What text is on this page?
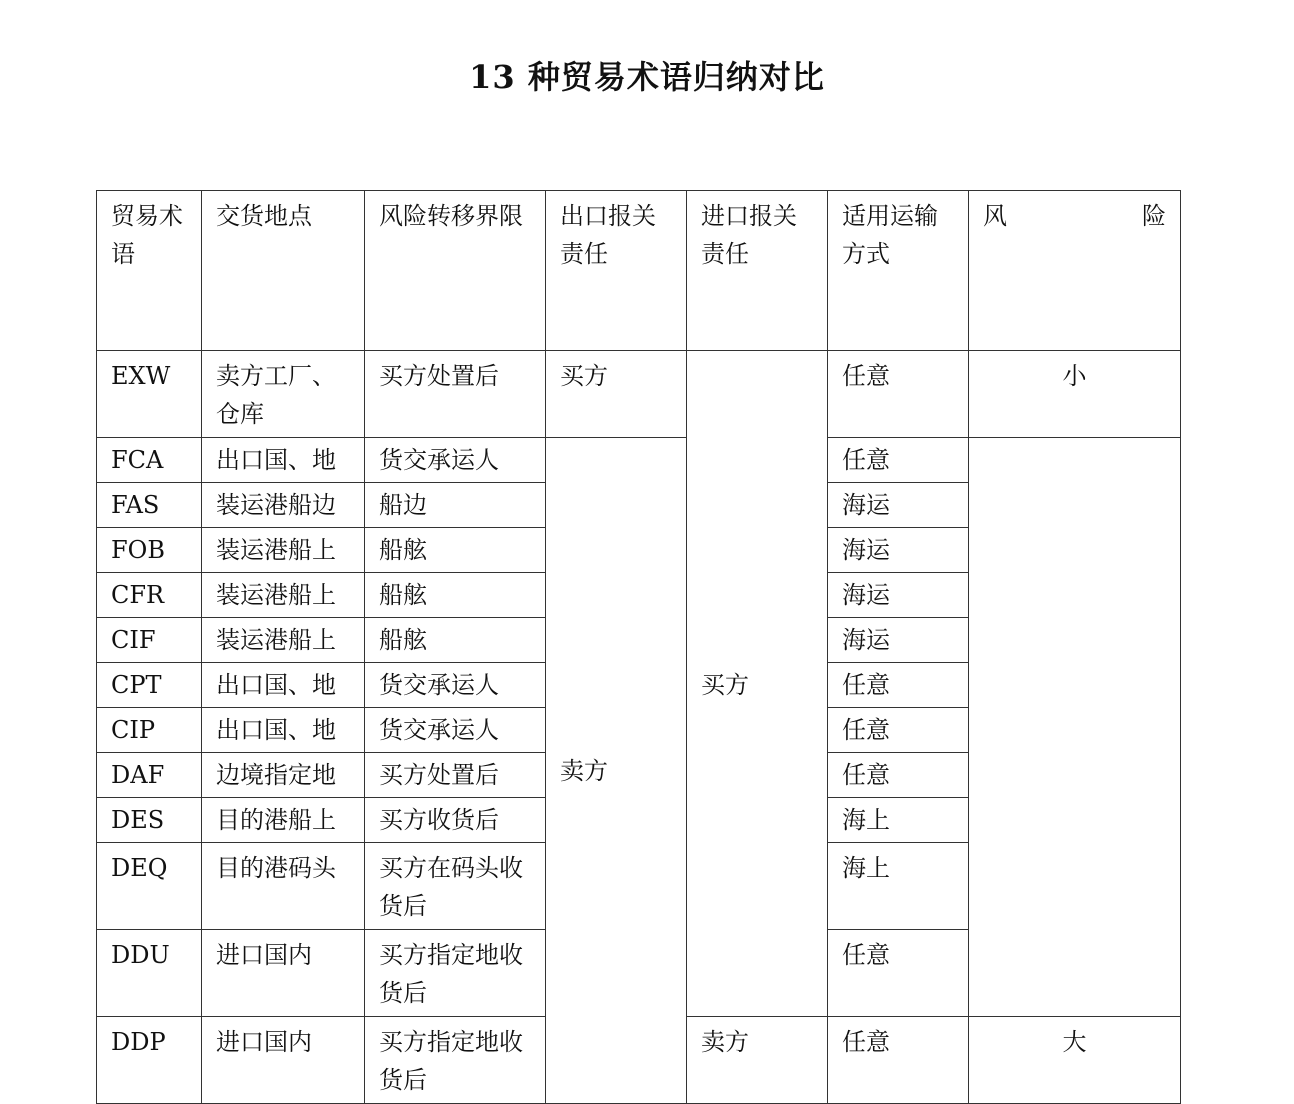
13 种贸易术语归纳对比
贸易术语	交货地点	风险转移界限	出口报关责任	进口报关责任	适用运输方式	风 险

EXW	卖方工厂、仓库	买方处置后	买方	买方	任意	小
FCA	出口国、地	货交承运人	卖方		任意	
FAS	装运港船边	船边			海运	
FOB	装运港船上	船舷			海运	
CFR	装运港船上	船舷			海运	
CIF	装运港船上	船舷			海运	
CPT	出口国、地	货交承运人			任意	
CIP	出口国、地	货交承运人			任意	
DAF	边境指定地	买方处置后			任意	
DES	目的港船上	买方收货后			海上	
DEQ	目的港码头	买方在码头收货后			海上	
DDU	进口国内	买方指定地收货后			任意	
DDP	进口国内	买方指定地收货后		卖方	任意	大
